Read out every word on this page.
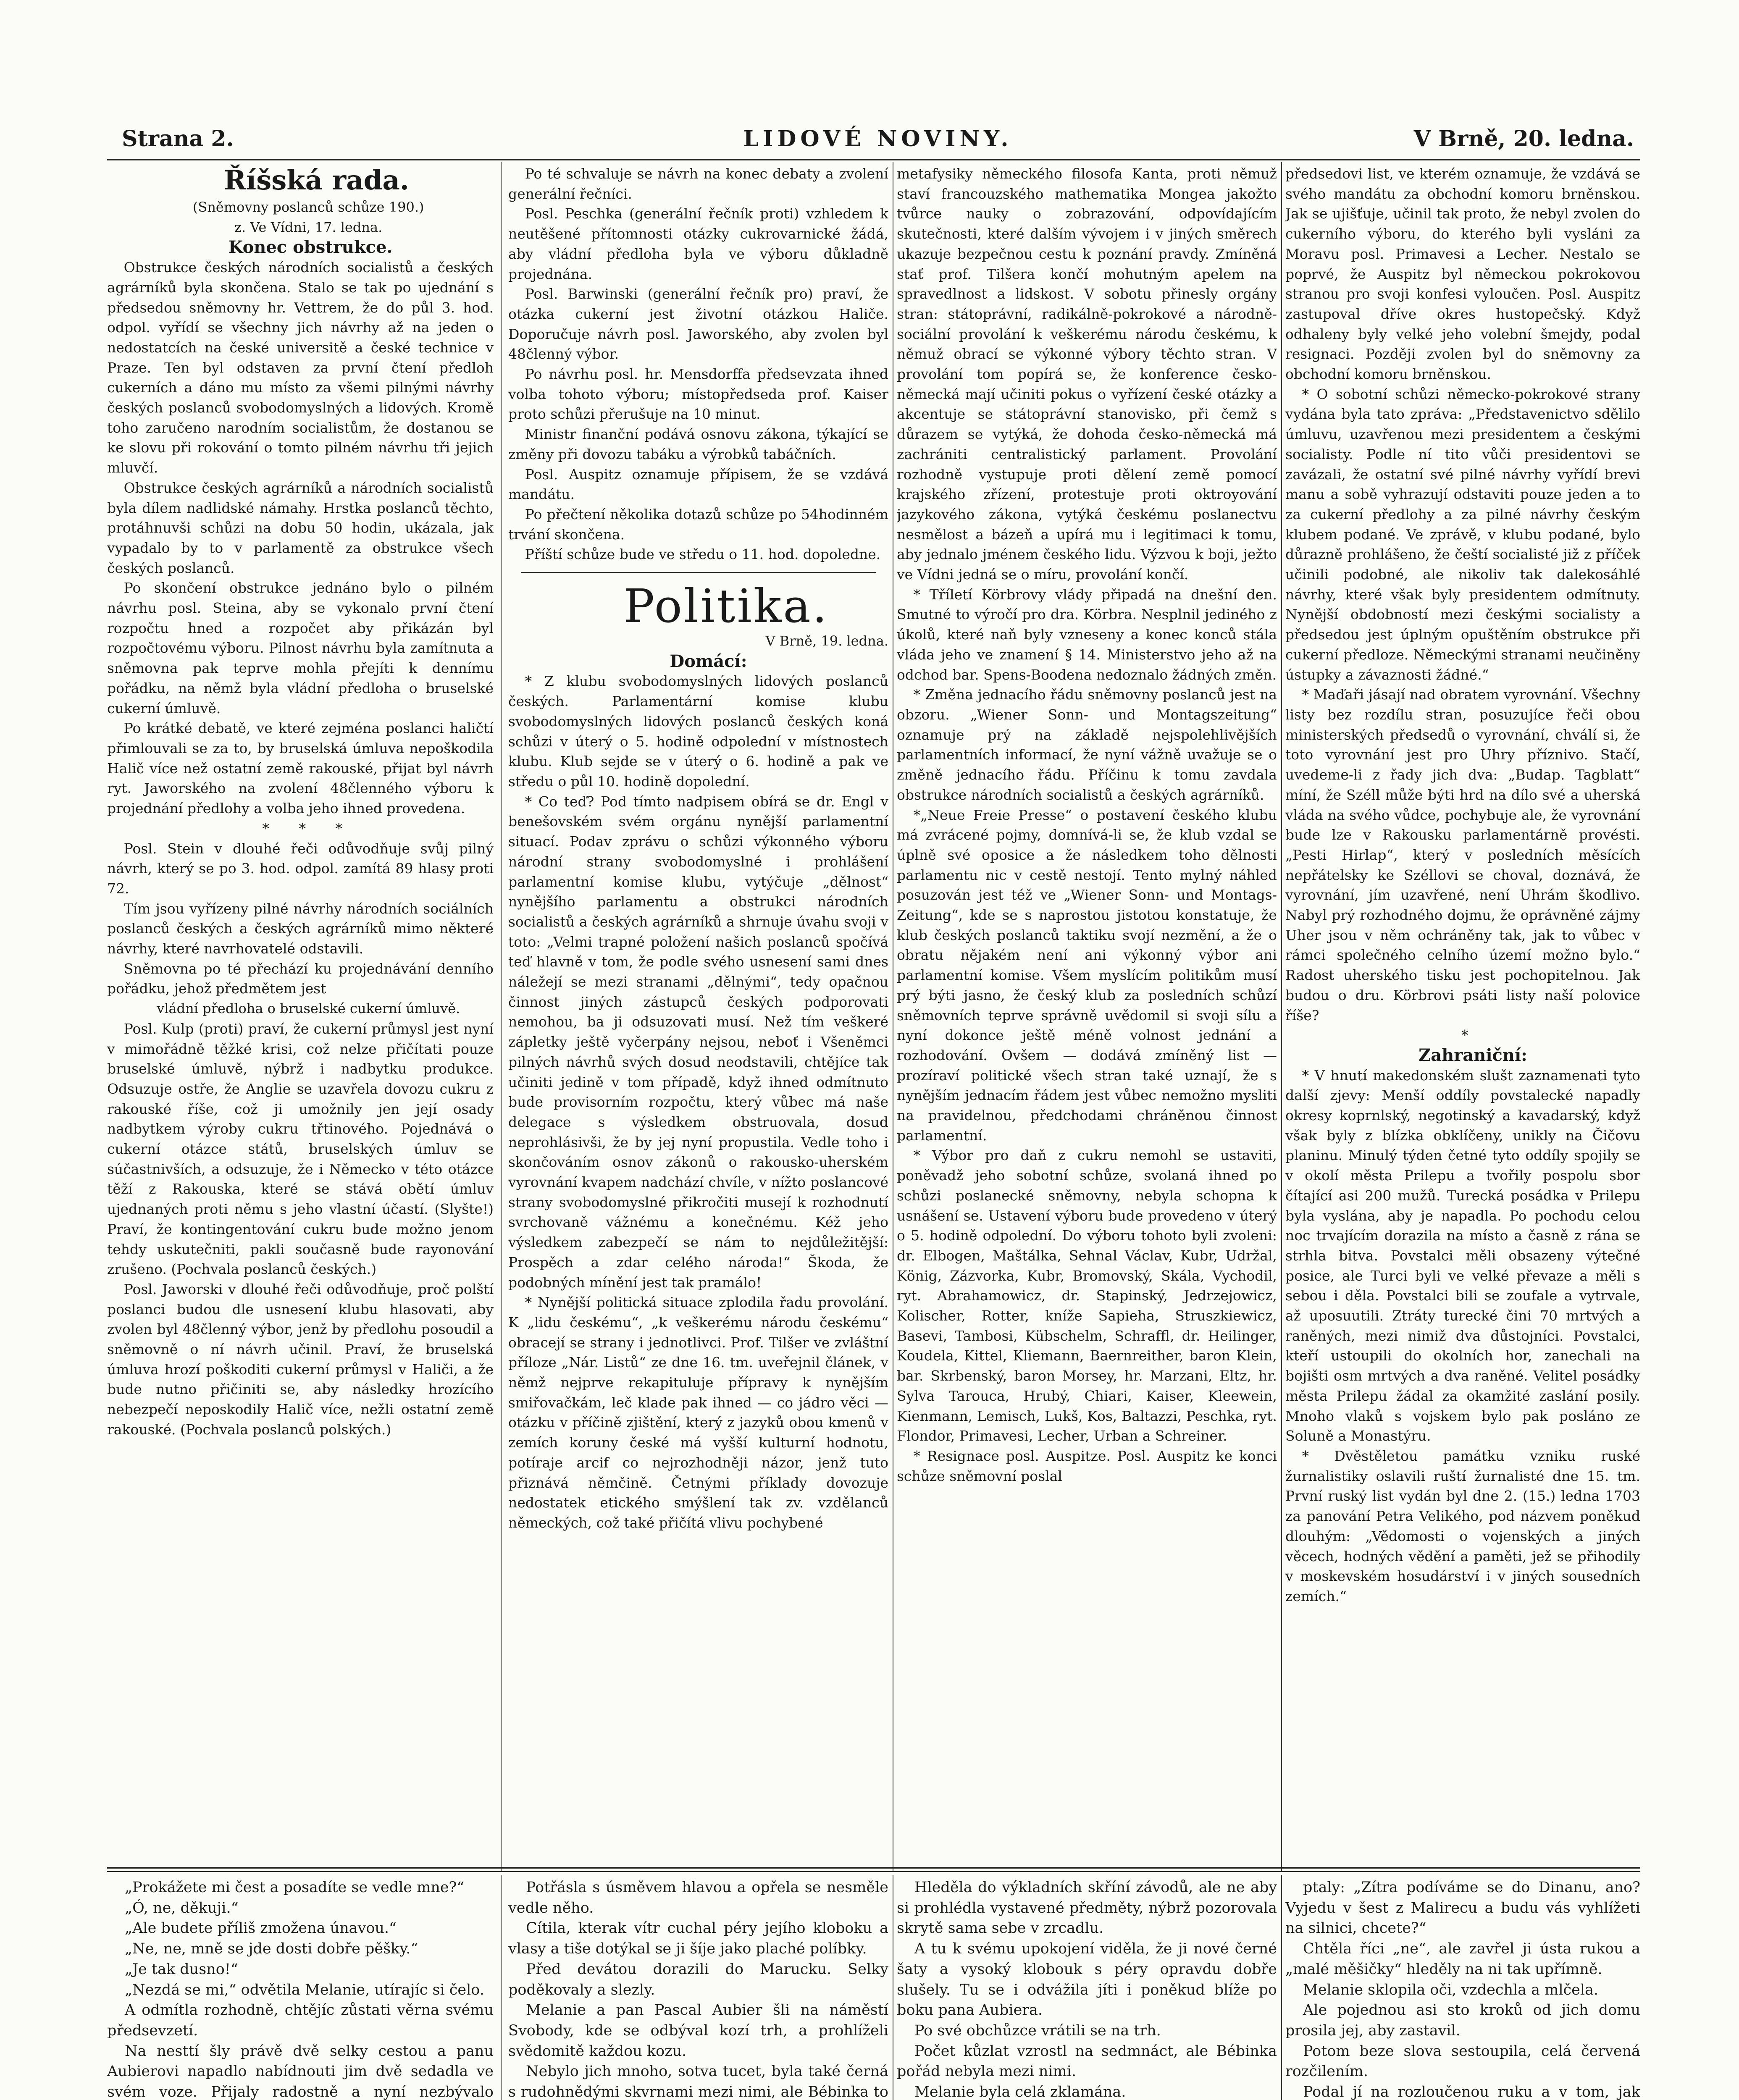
Strana 2.	LIDOVÉ NOVINY.	V Brně, 20. ledna.

Říšská rada.

(Sněmovny poslanců schůze 190.)

z. Ve Vídni, 17. ledna.

Konec obstrukce.

Obstrukce českých národních socialistů a českých agrárníků byla skončena. Stalo se tak po ujednání s předsedou sněmovny hr. Vettrem, že do půl 3. hod. odpol. vyřídí se všechny jich návrhy až na jeden o nedostatcích na české universitě a české technice v Praze. Ten byl odstaven za první čtení předloh cukerních a dáno mu místo za všemi pilnými návrhy českých poslanců svobodomyslných a lidových. Kromě toho zaručeno narodním socialistům, že dostanou se ke slovu při rokování o tomto pilném návrhu tři jejich mluvčí.

Obstrukce českých agrárníků a národních socialistů byla dílem nadlidské námahy. Hrstka poslanců těchto, protáhnuvši schůzi na dobu 50 hodin, ukázala, jak vypadalo by to v parlamentě za obstrukce všech českých poslanců.

Po skončení obstrukce jednáno bylo o pilném návrhu posl. Steina, aby se vykonalo první čtení rozpočtu hned a rozpočet aby přikázán byl rozpočtovému výboru. Pilnost návrhu byla zamítnuta a sněmovna pak teprve mohla přejíti k dennímu pořádku, na němž byla vládní předloha o bruselské cukerní úmluvě.

Po krátké debatě, ve které zejména poslanci haličtí přimlouvali se za to, by bruselská úmluva nepoškodila Halič více než ostatní země rakouské, přijat byl návrh ryt. Jaworského na zvolení 48členného výboru k projednání předlohy a volba jeho ihned provedena.

* * *

Posl. Stein v dlouhé řeči odůvodňuje svůj pilný návrh, který se po 3. hod. odpol. zamítá 89 hlasy proti 72.

Tím jsou vyřízeny pilné návrhy národních sociálních poslanců českých a českých agrárníků mimo některé návrhy, které navrhovatelé odstavili.

Sněmovna po té přechází ku projednávání denního pořádku, jehož předmětem jest

vládní předloha o bruselské cukerní úmluvě.

Posl. Kulp (proti) praví, že cukerní průmysl jest nyní v mimořádně těžké krisi, což nelze přičítati pouze bruselské úmluvě, nýbrž i nadbytku produkce. Odsuzuje ostře, že Anglie se uzavřela dovozu cukru z rakouské říše, což ji umožnily jen její osady nadbytkem výroby cukru třtinového. Pojednává o cukerní otázce států, bruselských úmluv se súčastnivších, a odsuzuje, že i Německo v této otázce těží z Rakouska, které se stává obětí úmluv ujednaných proti němu s jeho vlastní účastí. (Slyšte!) Praví, že kontingentování cukru bude možno jenom tehdy uskutečniti, pakli současně bude rayonování zrušeno. (Pochvala poslanců českých.)

Posl. Jaworski v dlouhé řeči odůvodňuje, proč polští poslanci budou dle usnesení klubu hlasovati, aby zvolen byl 48členný výbor, jenž by předlohu posoudil a sněmovně o ní návrh učinil. Praví, že bruselská úmluva hrozí poškoditi cukerní průmysl v Haliči, a že bude nutno přičiniti se, aby následky hrozícího nebezpečí neposkodily Halič více, nežli ostatní země rakouské. (Pochvala poslanců polských.)

Po té schvaluje se návrh na konec debaty a zvolení generální řečníci.

Posl. Peschka (generální řečník proti) vzhledem k neutěšené přítomnosti otázky cukrovarnické žádá, aby vládní předloha byla ve výboru důkladně projednána.

Posl. Barwinski (generální řečník pro) praví, že otázka cukerní jest životní otázkou Haliče. Doporučuje návrh posl. Jaworského, aby zvolen byl 48členný výbor.

Po návrhu posl. hr. Mensdorffa předsevzata ihned volba tohoto výboru; místopředseda prof. Kaiser proto schůzi přerušuje na 10 minut.

Ministr finanční podává osnovu zákona, týkající se změny při dovozu tabáku a výrobků tabáčních.

Posl. Auspitz oznamuje přípisem, že se vzdává mandátu.

Po přečtení několika dotazů schůze po 54hodinném trvání skončena.

Příští schůze bude ve středu o 11. hod. dopoledne.

Politika.

V Brně, 19. ledna.

Domácí:

* Z klubu svobodomyslných lidových poslanců českých. Parlamentární komise klubu svobodomyslných lidových poslanců českých koná schůzi v úterý o 5. hodině odpolední v místnostech klubu. Klub sejde se v úterý o 6. hodině a pak ve středu o půl 10. hodině dopolední.

* Co teď? Pod tímto nadpisem obírá se dr. Engl v benešovském svém orgánu nynější parlamentní situací. Podav zprávu o schůzi výkonného výboru národní strany svobodomyslné i prohlášení parlamentní komise klubu, vytýčuje „dělnost“ nynějšího parlamentu a obstrukci národních socialistů a českých agrárníků a shrnuje úvahu svoji v toto: „Velmi trapné položení našich poslanců spočívá teď hlavně v tom, že podle svého usnesení sami dnes náležejí se mezi stranami „dělnými“, tedy opačnou činnost jiných zástupců českých podporovati nemohou, ba ji odsuzovati musí. Než tím veškeré zápletky ještě vyčerpány nejsou, neboť i Všeněmci pilných návrhů svých dosud neodstavili, chtějíce tak učiniti jedině v tom případě, když ihned odmítnuto bude provisorním rozpočtu, který vůbec má naše delegace s výsledkem obstruovala, dosud neprohlásivši, že by jej nyní propustila. Vedle toho i skončováním osnov zákonů o rakousko-uherském vyrovnání kvapem nadchází chvíle, v nížto poslancové strany svobodomyslné přikročiti musejí k rozhodnutí svrchovaně vážnému a konečnému. Kéž jeho výsledkem zabezpečí se nám to nejdůležitější: Prospěch a zdar celého národa!“ Škoda, že podobných mínění jest tak pramálo!

* Nynější politická situace zplodila řadu provolání. K „lidu českému“, „k veškerému národu českému“ obracejí se strany i jednotlivci. Prof. Tilšer ve zvláštní příloze „Nár. Listů“ ze dne 16. tm. uveřejnil článek, v němž nejprve rekapituluje přípravy k nynějším smiřovačkám, leč klade pak ihned — co jádro věci — otázku v příčině zjištění, který z jazyků obou kmenů v zemích koruny české má vyšší kulturní hodnotu, potíraje arcif co nejrozhodněji názor, jenž tuto přiznává němčině. Četnými příklady dovozuje nedostatek etického smýšlení tak zv. vzdělanců německých, což také přičítá vlivu pochybené

metafysiky německého filosofa Kanta, proti němuž staví francouzského mathematika Mongea jakožto tvůrce nauky o zobrazování, odpovídajícím skutečnosti, které dalším vývojem i v jiných směrech ukazuje bezpečnou cestu k poznání pravdy. Zmíněná stať prof. Tilšera končí mohutným apelem na spravedlnost a lidskost. V sobotu přinesly orgány stran: státoprávní, radikálně-pokrokové a národně-sociální provolání k veškerému národu českému, k němuž obrací se výkonné výbory těchto stran. V provolání tom popírá se, že konference česko-německá mají učiniti pokus o vyřízení české otázky a akcentuje se státoprávní stanovisko, při čemž s důrazem se vytýká, že dohoda česko-německá má zachrániti centralistický parlament. Provolání rozhodně vystupuje proti dělení země pomocí krajského zřízení, protestuje proti oktroyování jazykového zákona, vytýká českému poslanectvu nesmělost a bázeň a upírá mu i legitimaci k tomu, aby jednalo jménem českého lidu. Výzvou k boji, ježto ve Vídni jedná se o míru, provolání končí.

* Tříletí Körbrovy vlády připadá na dnešní den. Smutné to výročí pro dra. Körbra. Nesplnil jediného z úkolů, které naň byly vzneseny a konec konců stála vláda jeho ve znamení § 14. Ministerstvo jeho až na odchod bar. Spens-Boodena nedoznalo žádných změn.

* Změna jednacího řádu sněmovny poslanců jest na obzoru. „Wiener Sonn- und Montagszeitung“ oznamuje prý na základě nejspolehlivějších parlamentních informací, že nyní vážně uvažuje se o změně jednacího řádu. Příčinu k tomu zavdala obstrukce národních socialistů a českých agrárníků.

*„Neue Freie Presse“ o postavení českého klubu má zvrácené pojmy, domnívá-li se, že klub vzdal se úplně své oposice a že následkem toho dělnosti parlamentu nic v cestě nestojí. Tento mylný náhled posuzován jest též ve „Wiener Sonn- und Montags-Zeitung“, kde se s naprostou jistotou konstatuje, že klub českých poslanců taktiku svojí nezmění, a že o obratu nějakém není ani výkonný výbor ani parlamentní komise. Všem myslícím politikům musí prý býti jasno, že český klub za posledních schůzí sněmovních teprve správně uvědomil si svoji sílu a nyní dokonce ještě méně volnost jednání a rozhodování. Ovšem — dodává zmíněný list — prozíraví politické všech stran také uznají, že s nynějším jednacím řádem jest vůbec nemožno mysliti na pravidelnou, předchodami chráněnou činnost parlamentní.

* Výbor pro daň z cukru nemohl se ustaviti, poněvadž jeho sobotní schůze, svolaná ihned po schůzi poslanecké sněmovny, nebyla schopna k usnášení se. Ustavení výboru bude provedeno v úterý o 5. hodině odpolední. Do výboru tohoto byli zvoleni: dr. Elbogen, Maštálka, Sehnal Václav, Kubr, Udržal, König, Zázvorka, Kubr, Bromovský, Skála, Vychodil, ryt. Abrahamowicz, dr. Stapinský, Jedrzejowicz, Kolischer, Rotter, kníže Sapieha, Struszkiewicz, Basevi, Tambosi, Kübschelm, Schraffl, dr. Heilinger, Koudela, Kittel, Kliemann, Baernreither, baron Klein, bar. Skrbenský, baron Morsey, hr. Marzani, Eltz, hr. Sylva Tarouca, Hrubý, Chiari, Kaiser, Kleewein, Kienmann, Lemisch, Lukš, Kos, Baltazzi, Peschka, ryt. Flondor, Primavesi, Lecher, Urban a Schreiner.

* Resignace posl. Auspitze. Posl. Auspitz ke konci schůze sněmovní poslal

předsedovi list, ve kterém oznamuje, že vzdává se svého mandátu za obchodní komoru brněnskou. Jak se ujišťuje, učinil tak proto, že nebyl zvolen do cukerního výboru, do kterého byli vysláni za Moravu posl. Primavesi a Lecher. Nestalo se poprvé, že Auspitz byl německou pokrokovou stranou pro svoji konfesi vyloučen. Posl. Auspitz zastupoval dříve okres hustopečský. Když odhaleny byly velké jeho volební šmejdy, podal resignaci. Později zvolen byl do sněmovny za obchodní komoru brněnskou.

* O sobotní schůzi německo-pokrokové strany vydána byla tato zpráva: „Představenictvo sdělilo úmluvu, uzavřenou mezi presidentem a českými socialisty. Podle ní tito vůči presidentovi se zavázali, že ostatní své pilné návrhy vyřídí brevi manu a sobě vyhrazují odstaviti pouze jeden a to za cukerní předlohy a za pilné návrhy českým klubem podané. Ve zprávě, v klubu podané, bylo důrazně prohlášeno, že čeští socialisté již z příček učinili podobné, ale nikoliv tak dalekosáhlé návrhy, které však byly presidentem odmítnuty. Nynější obdobností mezi českými socialisty a předsedou jest úplným opuštěním obstrukce při cukerní předloze. Německými stranami neučiněny ústupky a závaznosti žádné.“

* Maďaři jásají nad obratem vyrovnání. Všechny listy bez rozdílu stran, posuzujíce řeči obou ministerských předsedů o vyrovnání, chválí si, že toto vyrovnání jest pro Uhry příznivo. Stačí, uvedeme-li z řady jich dva: „Budap. Tagblatt“ míní, že Széll může býti hrd na dílo své a uherská vláda na svého vůdce, pochybuje ale, že vyrovnání bude lze v Rakousku parlamentárně provésti. „Pesti Hirlap“, který v posledních měsících nepřátelsky ke Széllovi se choval, doznává, že vyrovnání, jím uzavřené, není Uhrám škodlivo. Nabyl prý rozhodného dojmu, že oprávněné zájmy Uher jsou v něm ochráněny tak, jak to vůbec v rámci společného celního území možno bylo.“ Radost uherského tisku jest pochopitelnou. Jak budou o dru. Körbrovi psáti listy naší polovice říše?

*

Zahraniční:

* V hnutí makedonském slušt zaznamenati tyto další zjevy: Menší oddíly povstalecké napadly okresy koprnlský, negotinský a kavadarský, když však byly z blízka obklíčeny, unikly na Čičovu planinu. Minulý týden četné tyto oddíly spojily se v okolí města Prilepu a tvořily pospolu sbor čítající asi 200 mužů. Turecká posádka v Prilepu byla vyslána, aby je napadla. Po pochodu celou noc trvajícím dorazila na místo a časně z rána se strhla bitva. Povstalci měli obsazeny výtečné posice, ale Turci byli ve velké převaze a měli s sebou i děla. Povstalci bili se zoufale a vytrvale, až uposuutili. Ztráty turecké čini 70 mrtvých a raněných, mezi nimiž dva důstojníci. Povstalci, kteří ustoupili do okolních hor, zanechali na bojišti osm mrtvých a dva raněné. Velitel posádky města Prilepu žádal za okamžité zaslání posily. Mnoho vlaků s vojskem bylo pak posláno ze Soluně a Monastýru.

* Dvěstěletou památku vzniku ruské žurnalistiky oslavili ruští žurnalisté dne 15. tm. První ruský list vydán byl dne 2. (15.) ledna 1703 za panování Petra Velikého, pod názvem poněkud dlouhým: „Vědomosti o vojenských a jiných věcech, hodných vědění a paměti, jež se přihodily v moskevském hosudárství i v jiných sousedních zemích.“

„Prokážete mi čest a posadíte se vedle mne?“

„Ó, ne, děkuji.“

„Ale budete příliš zmožena únavou.“

„Ne, ne, mně se jde dosti dobře pěšky.“

„Je tak dusno!“

„Nezdá se mi,“ odvětila Melanie, utírajíc si čelo.

A odmítla rozhodně, chtějíc zůstati věrna svému předsevzetí.

Na nesttí šly právě dvě selky cestou a panu Aubierovi napadlo nabídnouti jim dvě sedadla ve svém voze. Přijaly radostně a nyní nezbývalo

Potřásla s úsměvem hlavou a opřela se nesměle vedle něho.

Cítila, kterak vítr cuchal péry jejího kloboku a vlasy a tiše dotýkal se ji šíje jako plaché políbky.

Před devátou dorazili do Marucku. Selky poděkovaly a slezly.

Melanie a pan Pascal Aubier šli na náměstí Svobody, kde se odbýval kozí trh, a prohlíželi svědomitě každou kozu.

Nebylo jich mnoho, sotva tucet, byla také černá s rudohnědými skvrnami mezi nimi, ale Bébinka to

Hleděla do výkladních skříní závodů, ale ne aby si prohlédla vystavené předměty, nýbrž pozorovala skrytě sama sebe v zrcadlu.

A tu k svému upokojení viděla, že ji nové černé šaty a vysoký klobouk s péry opravdu dobře slušely. Tu se i odvážila jíti i poněkud blíže po boku pana Aubiera.

Po své obchůzce vrátili se na trh.

Počet kůzlat vzrostl na sedmnáct, ale Bébinka pořád nebyla mezi nimi.

Melanie byla celá zklamána.

ptaly: „Zítra podíváme se do Dinanu, ano? Vyjedu v šest z Malirecu a budu vás vyhlížeti na silnici, chcete?“

Chtěla říci „ne“, ale zavřel ji ústa rukou a „malé měšičky“ hleděly na ni tak upřímně.

Melanie sklopila oči, vzdechla a mlčela.

Ale pojednou asi sto kroků od jich domu prosila jej, aby zastavil.

Potom beze slova sestoupila, celá červená rozčilením.

Podal jí na rozloučenou ruku a v tom, jak
